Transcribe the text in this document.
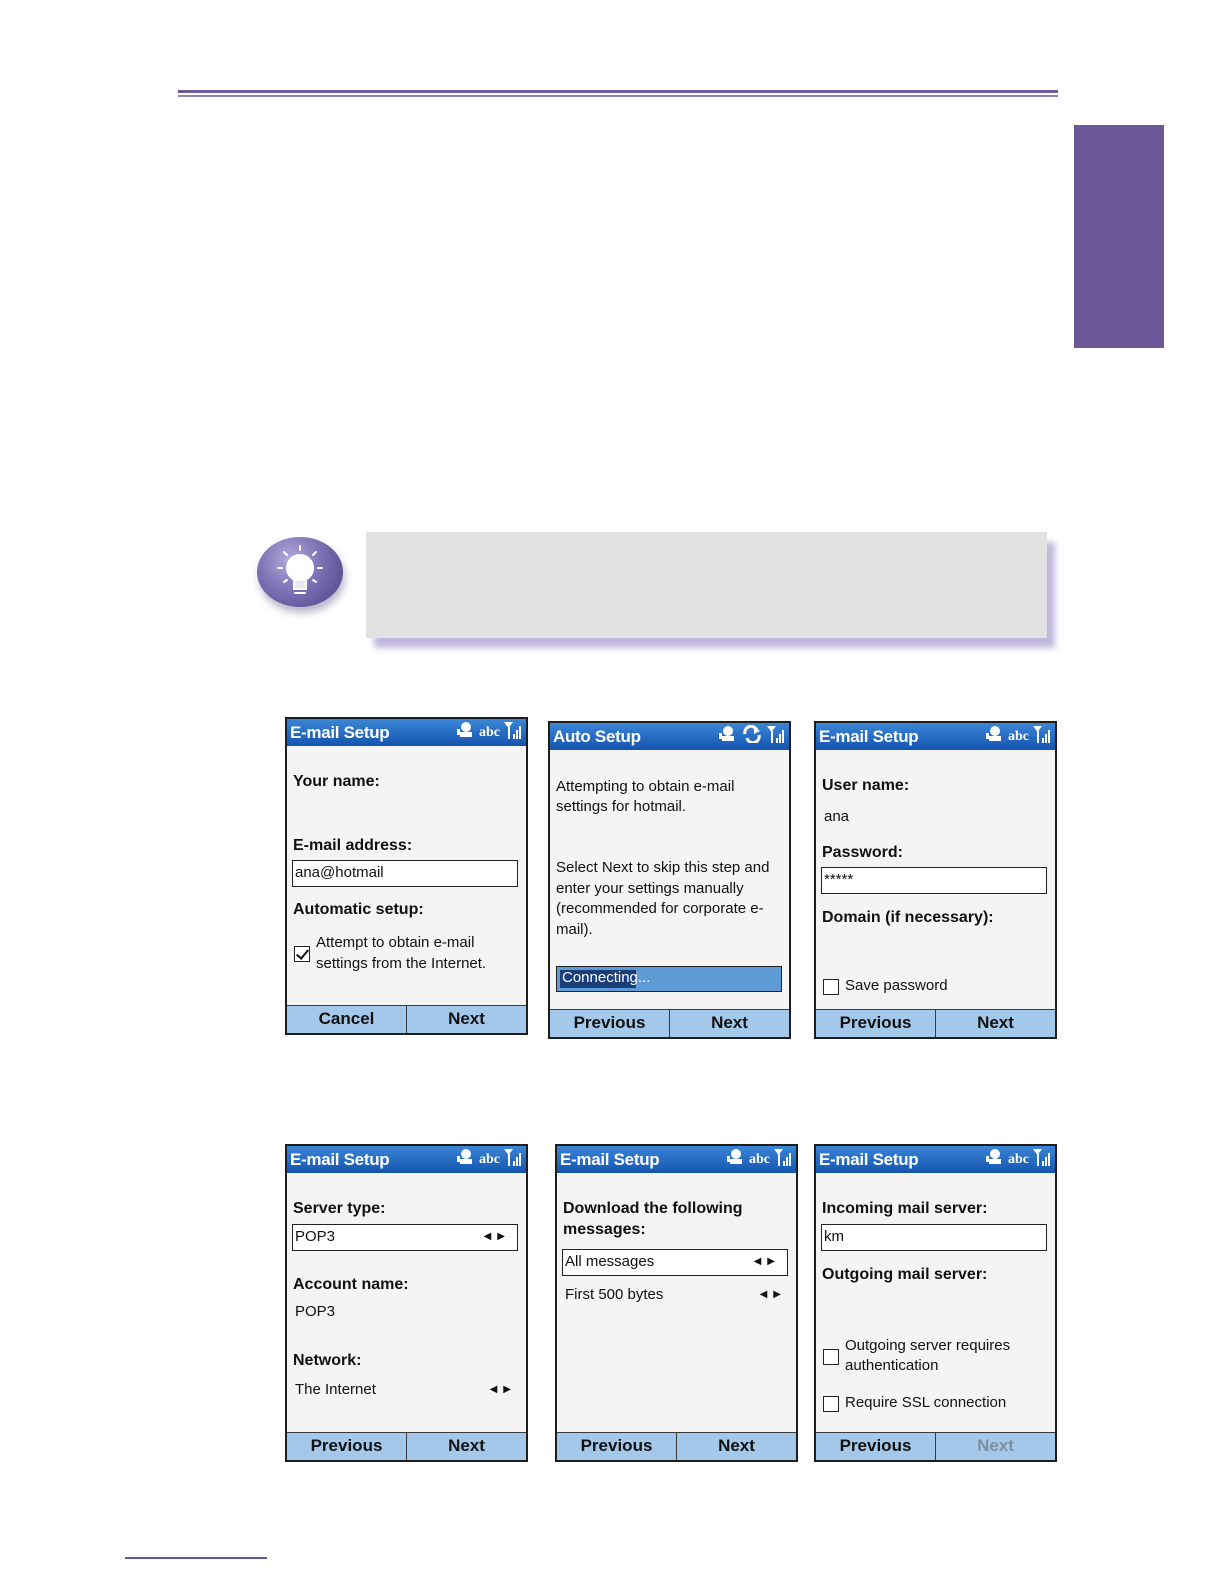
E-mail Setup	abc
Your name:
E-mail address:
ana@hotmail
Automatic setup:
Attempt to obtain e-mail
settings from the Internet.
Cancel	Next
Auto Setup
Attempting to obtain e-mail
settings for hotmail.
Select Next to skip this step and
enter your settings manually
(recommended for corporate e-
mail).
Connecting...
Previous	Next
E-mail Setup	abc
User name:
ana
Password:
*****
Domain (if necessary):
Save password
Previous	Next
E-mail Setup	abc
Server type:
POP3	◀▶
Account name:
POP3
Network:
The Internet	◀▶
Previous	Next
E-mail Setup	abc
Download the following
messages:
All messages	◀▶
First 500 bytes	◀▶
Previous	Next
E-mail Setup	abc
Incoming mail server:
km
Outgoing mail server:
Outgoing server requires
authentication
Require SSL connection
Previous	Next
